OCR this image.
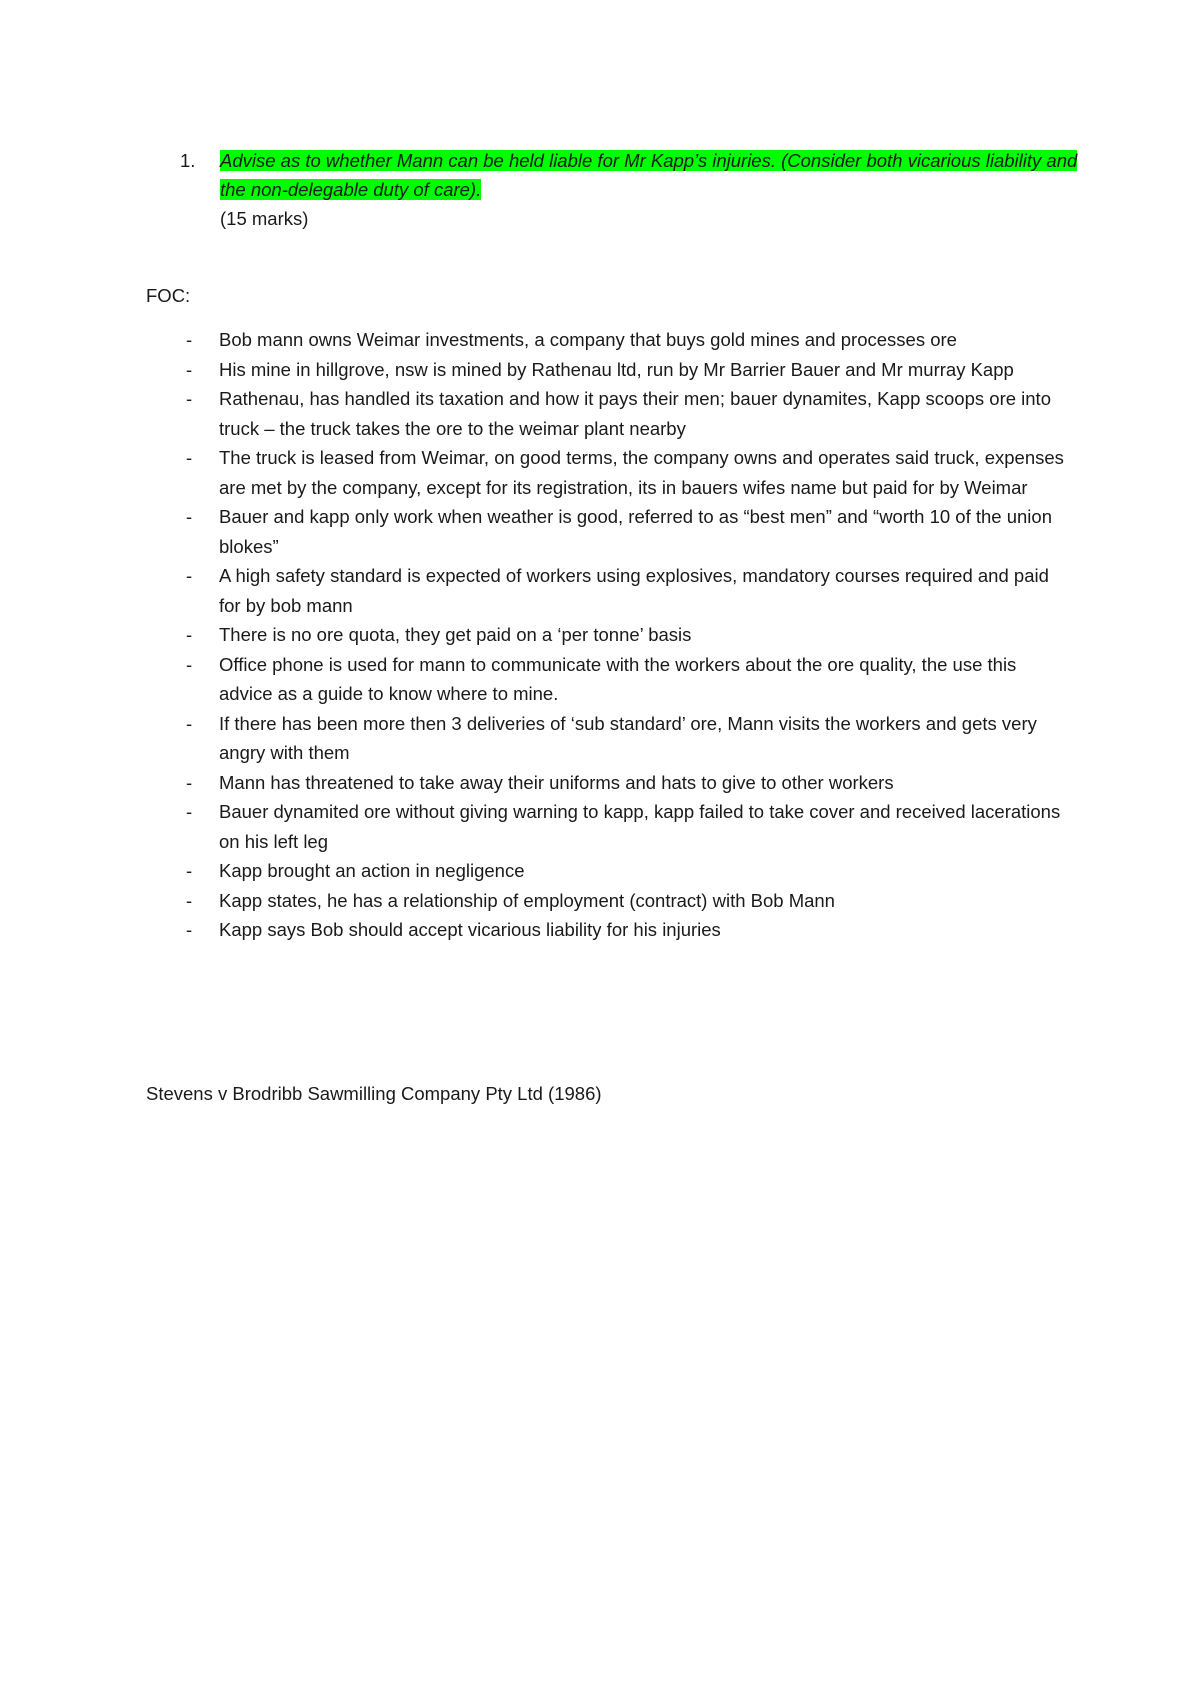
1.	Advise as to whether Mann can be held liable for Mr Kapp’s injuries. (Consider both vicarious liability and the non-delegable duty of care).
(15 marks)
FOC:
- Bob mann owns Weimar investments, a company that buys gold mines and processes ore
- His mine in hillgrove, nsw is mined by Rathenau ltd, run by Mr Barrier Bauer and Mr murray Kapp
- Rathenau, has handled its taxation and how it pays their men; bauer dynamites, Kapp scoops ore into truck – the truck takes the ore to the weimar plant nearby
- The truck is leased from Weimar, on good terms, the company owns and operates said truck, expenses are met by the company, except for its registration, its in bauers wifes name but paid for by Weimar
- Bauer and kapp only work when weather is good, referred to as “best men” and “worth 10 of the union blokes”
- A high safety standard is expected of workers using explosives, mandatory courses required and paid for by bob mann
- There is no ore quota, they get paid on a ‘per tonne’ basis
- Office phone is used for mann to communicate with the workers about the ore quality, the use this advice as a guide to know where to mine.
- If there has been more then 3 deliveries of ‘sub standard’ ore, Mann visits the workers and gets very angry with them
- Mann has threatened to take away their uniforms and hats to give to other workers
- Bauer dynamited ore without giving warning to kapp, kapp failed to take cover and received lacerations on his left leg
- Kapp brought an action in negligence
- Kapp states, he has a relationship of employment (contract) with Bob Mann
- Kapp says Bob should accept vicarious liability for his injuries
Stevens v Brodribb Sawmilling Company Pty Ltd (1986)
